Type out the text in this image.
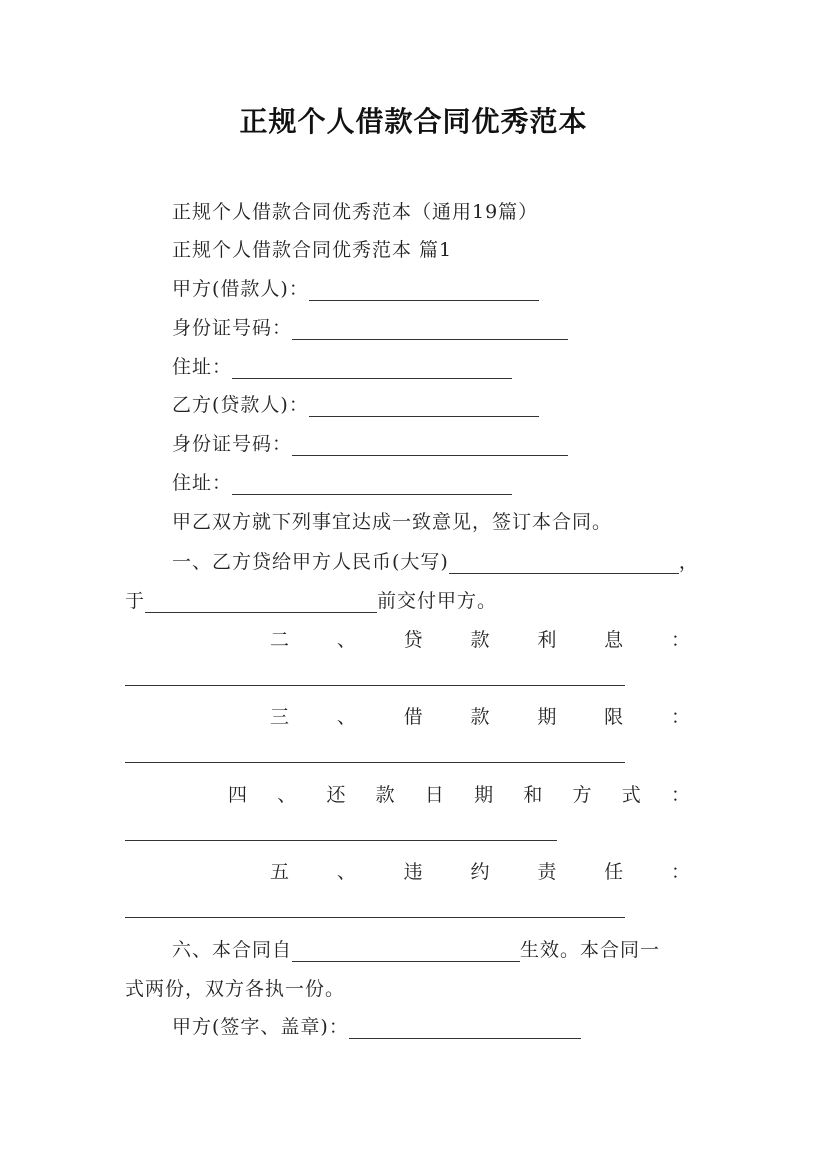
正规个人借款合同优秀范本
正规个人借款合同优秀范本（通用19篇）
正规个人借款合同优秀范本 篇1
甲方(借款人)：
身份证号码：
住址：
乙方(贷款人)：
身份证号码：
住址：
甲乙双方就下列事宜达成一致意见，签订本合同。
一、乙方贷给甲方人民币(大写)	，
于	前交付甲方。
二	、	贷	款	利	息	：
三	、	借	款	期	限	：
四 、 还 款 日 期 和 方 式 ：
五	、	违	约	责	任	：
六、本合同自	生效。本合同一
式两份，双方各执一份。
甲方(签字、盖章)：
